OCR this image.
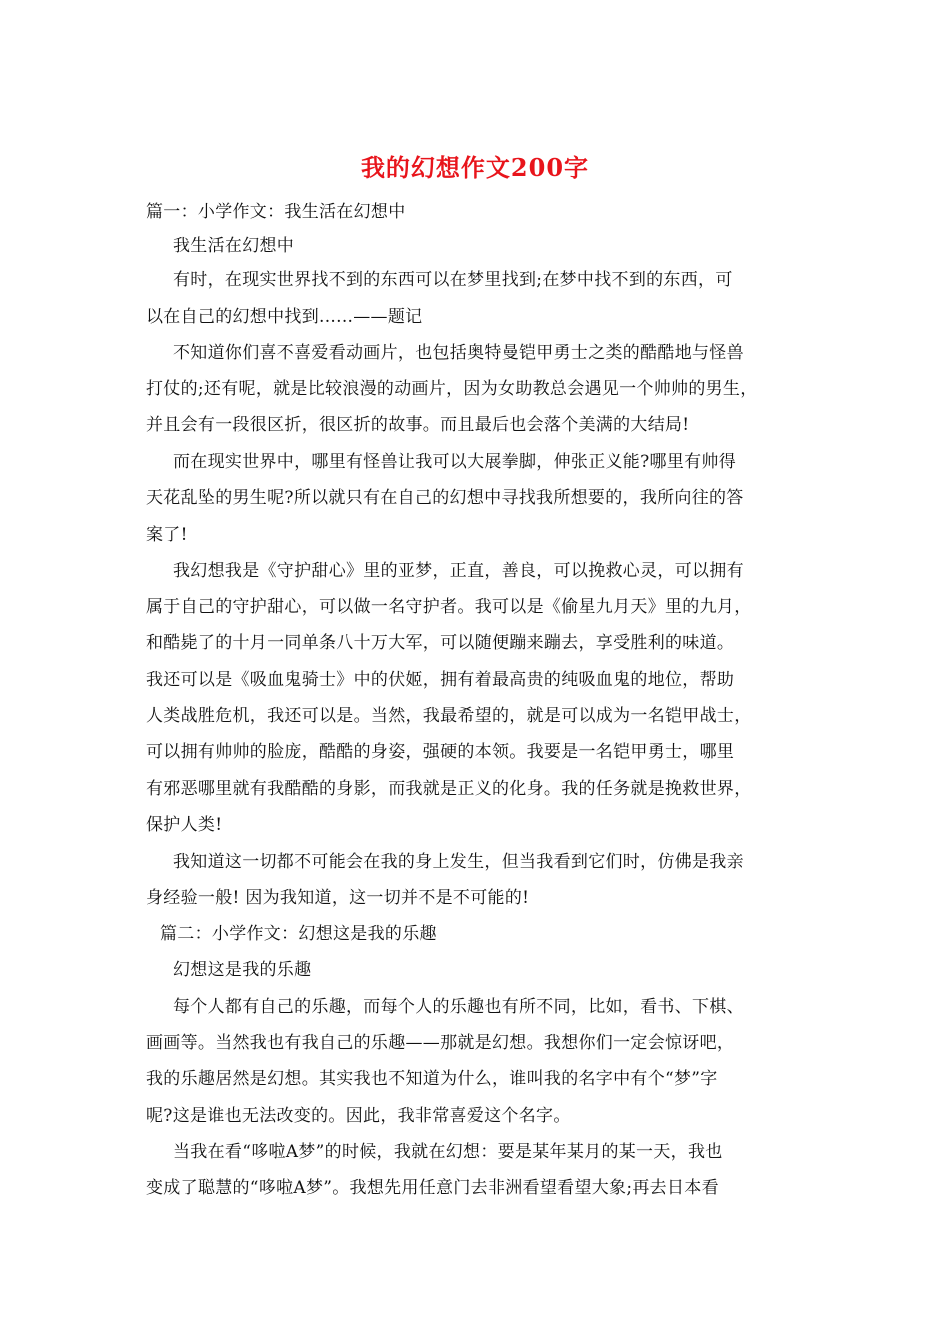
我的幻想作文200字
篇一：小学作文：我生活在幻想中
我生活在幻想中
有时，在现实世界找不到的东西可以在梦里找到;在梦中找不到的东西，可
以在自己的幻想中找到......——题记
不知道你们喜不喜爱看动画片，也包括奥特曼铠甲勇士之类的酷酷地与怪兽
打仗的;还有呢，就是比较浪漫的动画片，因为女助教总会遇见一个帅帅的男生，
并且会有一段很区折，很区折的故事。而且最后也会落个美满的大结局!
而在现实世界中，哪里有怪兽让我可以大展拳脚，伸张正义能?哪里有帅得
天花乱坠的男生呢?所以就只有在自己的幻想中寻找我所想要的，我所向往的答
案了!
我幻想我是《守护甜心》里的亚梦，正直，善良，可以挽救心灵，可以拥有
属于自己的守护甜心，可以做一名守护者。我可以是《偷星九月天》里的九月，
和酷毙了的十月一同单条八十万大军，可以随便蹦来蹦去，享受胜利的味道。
我还可以是《吸血鬼骑士》中的伏姬，拥有着最高贵的纯吸血鬼的地位，帮助
人类战胜危机，我还可以是。当然，我最希望的，就是可以成为一名铠甲战士，
可以拥有帅帅的脸庞，酷酷的身姿，强硬的本领。我要是一名铠甲勇士，哪里
有邪恶哪里就有我酷酷的身影，而我就是正义的化身。我的任务就是挽救世界，
保护人类!
我知道这一切都不可能会在我的身上发生，但当我看到它们时，仿佛是我亲
身经验一般! 因为我知道，这一切并不是不可能的!
篇二：小学作文：幻想这是我的乐趣
幻想这是我的乐趣
每个人都有自己的乐趣，而每个人的乐趣也有所不同，比如，看书、下棋、
画画等。当然我也有我自己的乐趣——那就是幻想。我想你们一定会惊讶吧，
我的乐趣居然是幻想。其实我也不知道为什么，谁叫我的名字中有个“梦”字
呢?这是谁也无法改变的。因此，我非常喜爱这个名字。
当我在看“哆啦A梦”的时候，我就在幻想：要是某年某月的某一天，我也
变成了聪慧的“哆啦A梦”。我想先用任意门去非洲看望看望大象;再去日本看
